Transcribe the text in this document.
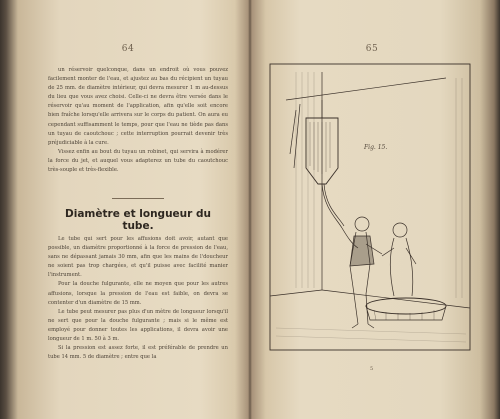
64

un réservoir quelconque, dans un endroit où vous pouvez facilement monter de l'eau, et ajustez au bas du récipient un tuyau de 25 mm. de diamètre intérieur, qui devra mesurer 1 m au-dessus du lieu que vous avez choisi. Celle-ci ne devra être versée dans le réservoir qu'au moment de l'application, afin qu'elle soit encore bien fraîche lorsqu'elle arrivera sur le corps du patient. On aura eu cependant suffisamment le temps, pour que l'eau ne tiède pas dans un tuyau de caoutchouc ; cette interruption pourrait devenir très préjudiciable à la cure.

Vissez enfin au bout du tuyau un robinet, qui servira à modérer la force du jet, et auquel vous adapterez un tube du caoutchouc très-souple et très-flexible.

Diamètre et longueur du tube.

Le tube qui sert pour les affusions doit avoir, autant que possible, un diamètre proportionné à la force de pression de l'eau, sans ne dépassant jamais 30 mm, afin que les mains de l'doucheur ne soient pas trop chargées, et qu'il puisse avec facilité manier l'instrument.

Pour la douche fulgurante, elle ne moyen que pour les autres affusions, lorsque la pression de l'eau est faible, on devra se contenter d'un diamètre de 15 mm.

Le tube peut mesurer pas plus d'un mètre de longueur lorsqu'il ne sert que pour la douche fulgurante ; mais si le même est employé pour donner toutes les applications, il devra avoir une longueur de 1 m. 50 à 3 m.

Si la pression est assez forte, il est préférable de prendre un tube 14 mm. 5 de diamètre ; entre que la

65
Fig. 15.
5
